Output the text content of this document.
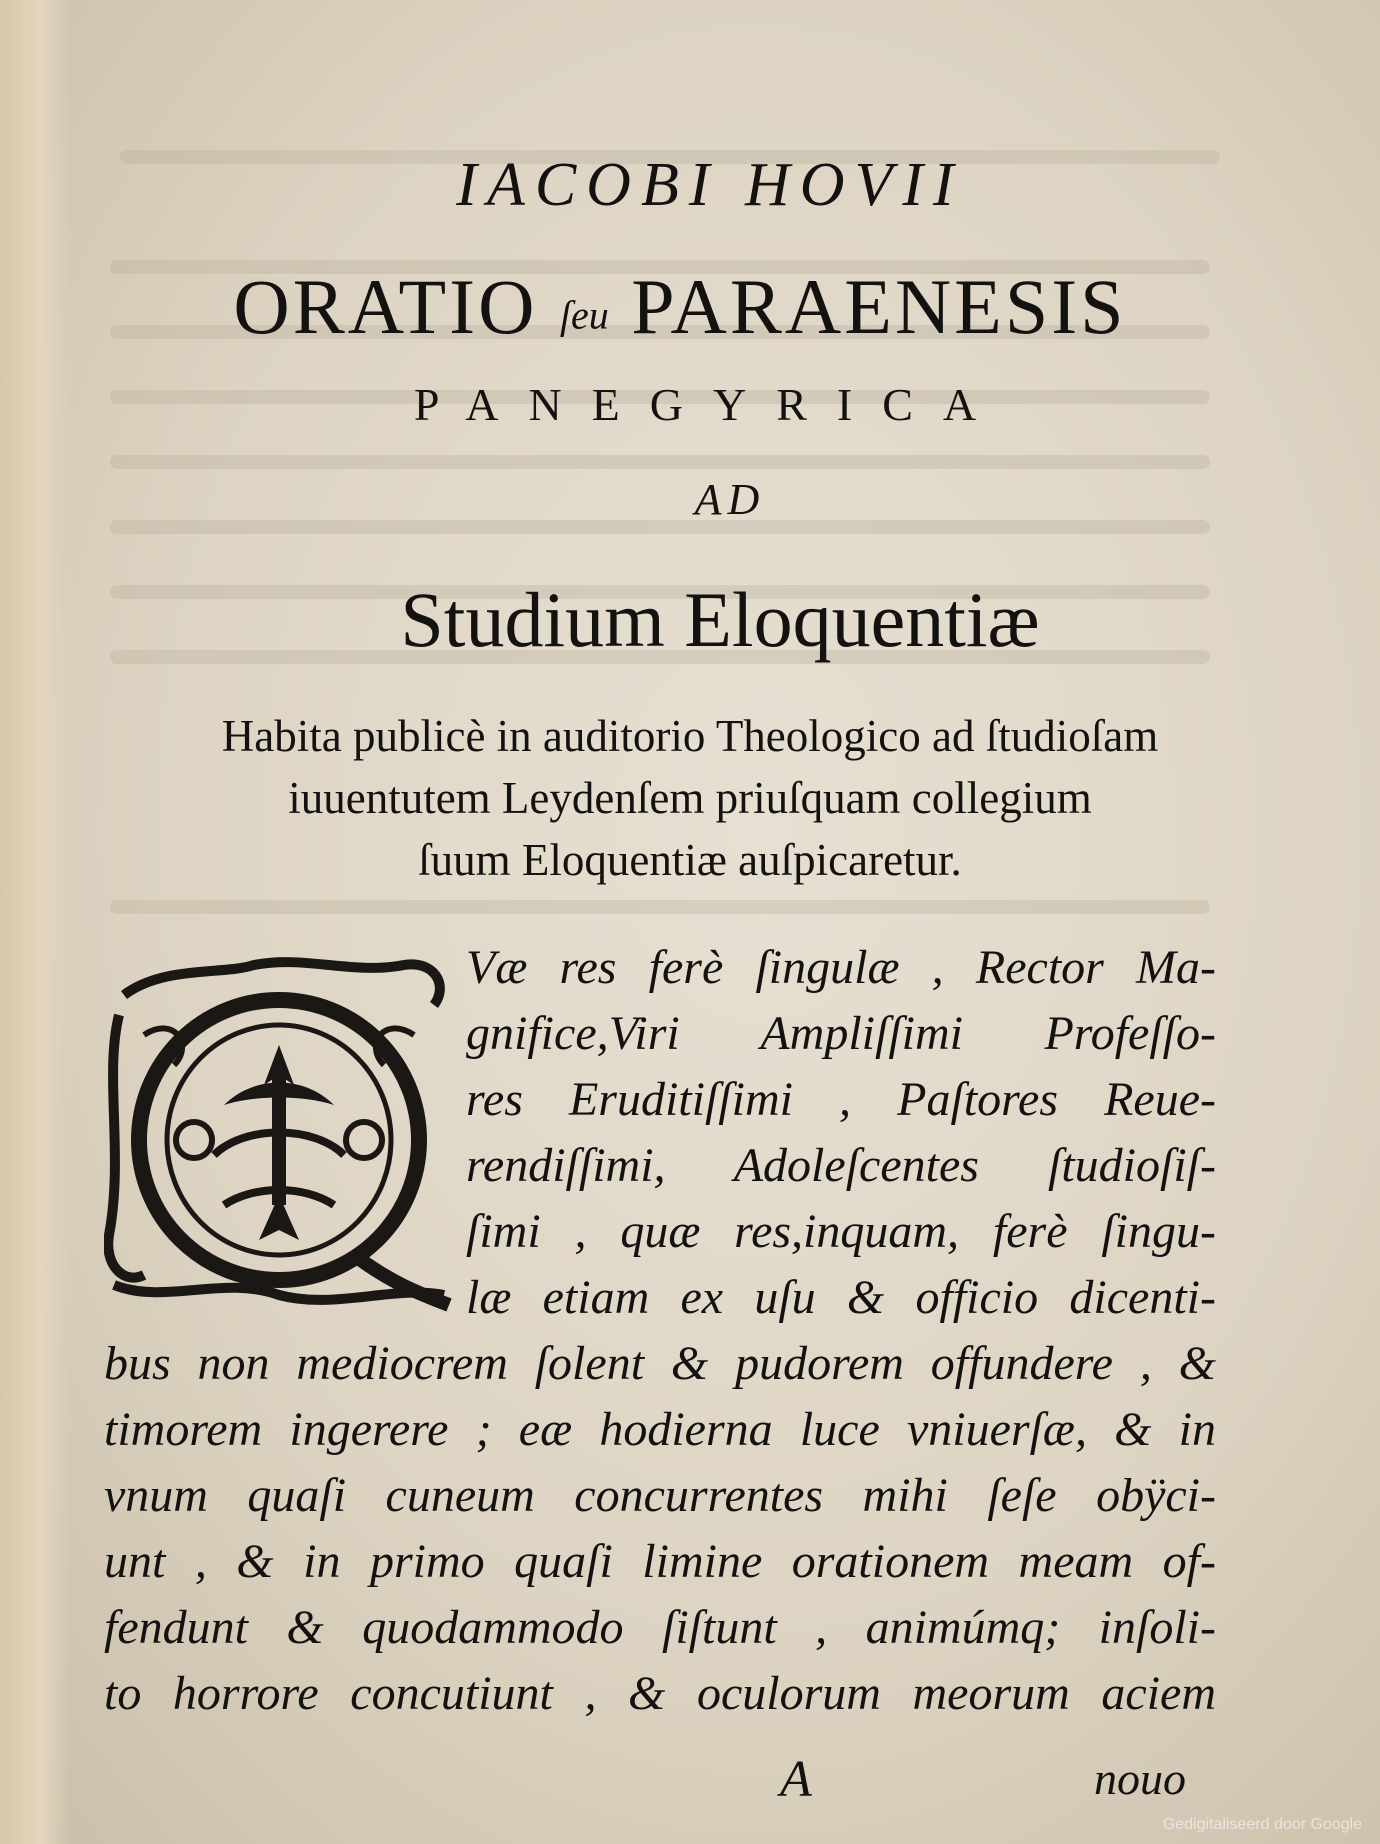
IACOBI HOVII
ORATIO ſeu PARAENESIS
PANEGYRICA
AD
Studium Eloquentiæ
Habita publicè in auditorio Theologico ad ſtudioſam
iuuentutem Leydenſem priuſquam collegium
ſuum Eloquentiæ auſpicaretur.
Væ res ferè ſingulæ , Rector Ma-
gnifice,Viri Ampliſſimi Profeſſo-
res Eruditiſſimi , Paſtores Reue-
rendiſſimi, Adoleſcentes ſtudioſiſ-
ſimi , quæ res,inquam, ferè ſingu-
læ etiam ex uſu & officio dicenti-
bus non mediocrem ſolent & pudorem offundere , &
timorem ingerere ; eæ hodierna luce vniuerſæ, & in
vnum quaſi cuneum concurrentes mihi ſeſe obÿci-
unt , & in primo quaſi limine orationem meam of-
fendunt & quodammodo ſiſtunt , animúmq; inſoli-
to horrore concutiunt , & oculorum meorum aciem
A	nouo
Gedigitaliseerd door Google
